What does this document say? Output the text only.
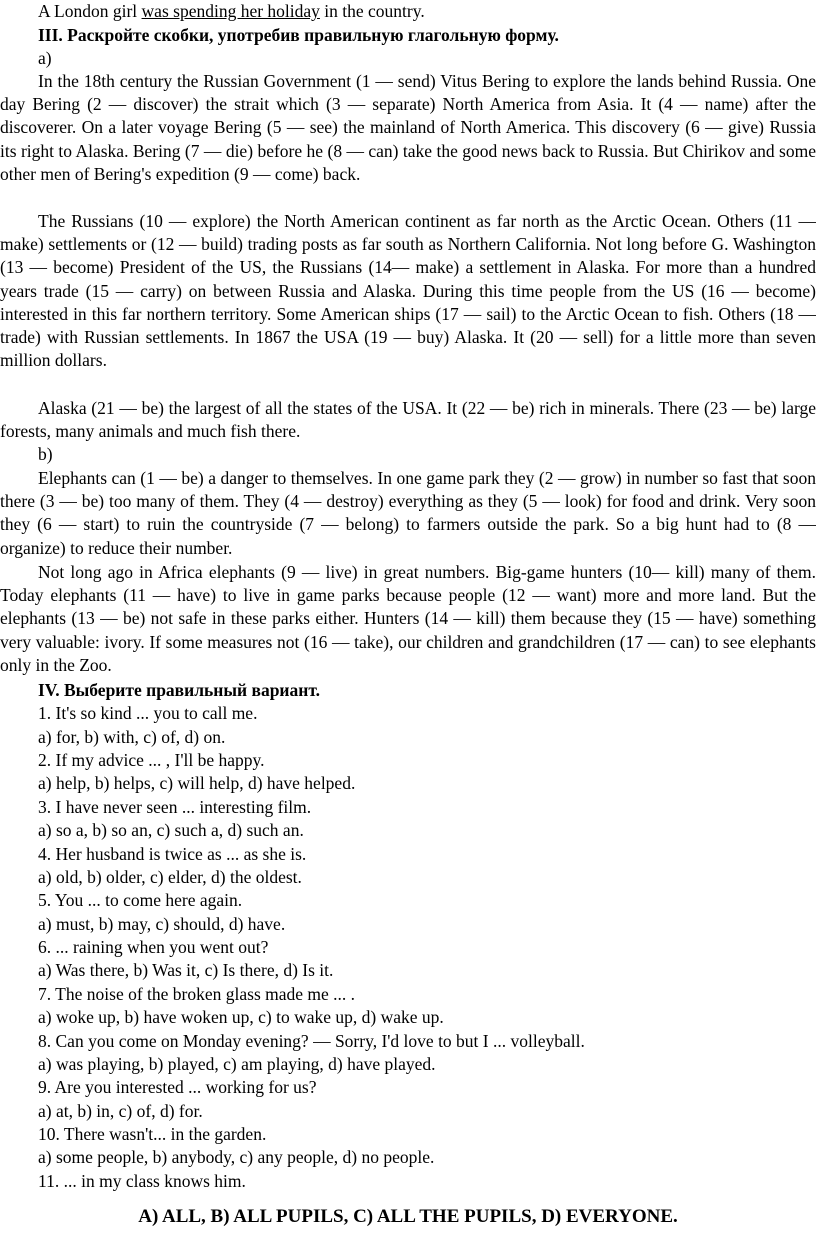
A London girl was spending her holiday in the country.
III. Раскройте скобки, употребив правильную глагольную форму.
a)
In the 18th century the Russian Government (1 — send) Vitus Bering to explore the lands behind Russia. One day Bering (2 — discover) the strait which (3 — separate) North America from Asia. It (4 — name) after the discoverer. On a later voyage Bering (5 — see) the mainland of North America. This discovery (6 — give) Russia its right to Alaska. Bering (7 — die) before he (8 — can) take the good news back to Russia. But Chirikov and some other men of Bering's expedition (9 — come) back.
The Russians (10 — explore) the North American continent as far north as the Arctic Ocean. Others (11 — make) settlements or (12 — build) trading posts as far south as Northern California. Not long before G. Washington (13 — become) President of the US, the Russians (14— make) a settlement in Alaska. For more than a hundred years trade (15 — carry) on between Russia and Alaska. During this time people from the US (16 — become) interested in this far northern territory. Some American ships (17 — sail) to the Arctic Ocean to fish. Others (18 — trade) with Russian settlements. In 1867 the USA (19 — buy) Alaska. It (20 — sell) for a little more than seven million dollars.
Alaska (21 — be) the largest of all the states of the USA. It (22 — be) rich in minerals. There (23 — be) large forests, many animals and much fish there.
b)
Elephants can (1 — be) a danger to themselves. In one game park they (2 — grow) in number so fast that soon there (3 — be) too many of them. They (4 — destroy) everything as they (5 — look) for food and drink. Very soon they (6 — start) to ruin the countryside (7 — belong) to farmers outside the park. So a big hunt had to (8 — organize) to reduce their number.
Not long ago in Africa elephants (9 — live) in great numbers. Big-game hunters (10— kill) many of them. Today elephants (11 — have) to live in game parks because people (12 — want) more and more land. But the elephants (13 — be) not safe in these parks either. Hunters (14 — kill) them because they (15 — have) something very valuable: ivory. If some measures not (16 — take), our children and grandchildren (17 — can) to see elephants only in the Zoo.
IV. Выберите правильный вариант.
1. It's so kind ... you to call me.
a) for, b) with, c) of, d) on.
2. If my advice ... , I'll be happy.
a) help, b) helps, c) will help, d) have helped.
3. I have never seen ... interesting film.
a) so a, b) so an, c) such a, d) such an.
4. Her husband is twice as ... as she is.
a) old, b) older, c) elder, d) the oldest.
5. You ... to come here again.
a) must, b) may, c) should, d) have.
6. ... raining when you went out?
a) Was there, b) Was it, c) Is there, d) Is it.
7. The noise of the broken glass made me ... .
a) woke up, b) have woken up, c) to wake up, d) wake up.
8. Can you come on Monday evening? — Sorry, I'd love to but I ... volleyball.
a) was playing, b) played, c) am playing, d) have played.
9. Are you interested ... working for us?
a) at, b) in, c) of, d) for.
10. There wasn't... in the garden.
a) some people, b) anybody, c) any people, d) no people.
11. ... in my class knows him.
A) ALL, B) ALL PUPILS, C) ALL THE PUPILS, D) EVERYONE.
